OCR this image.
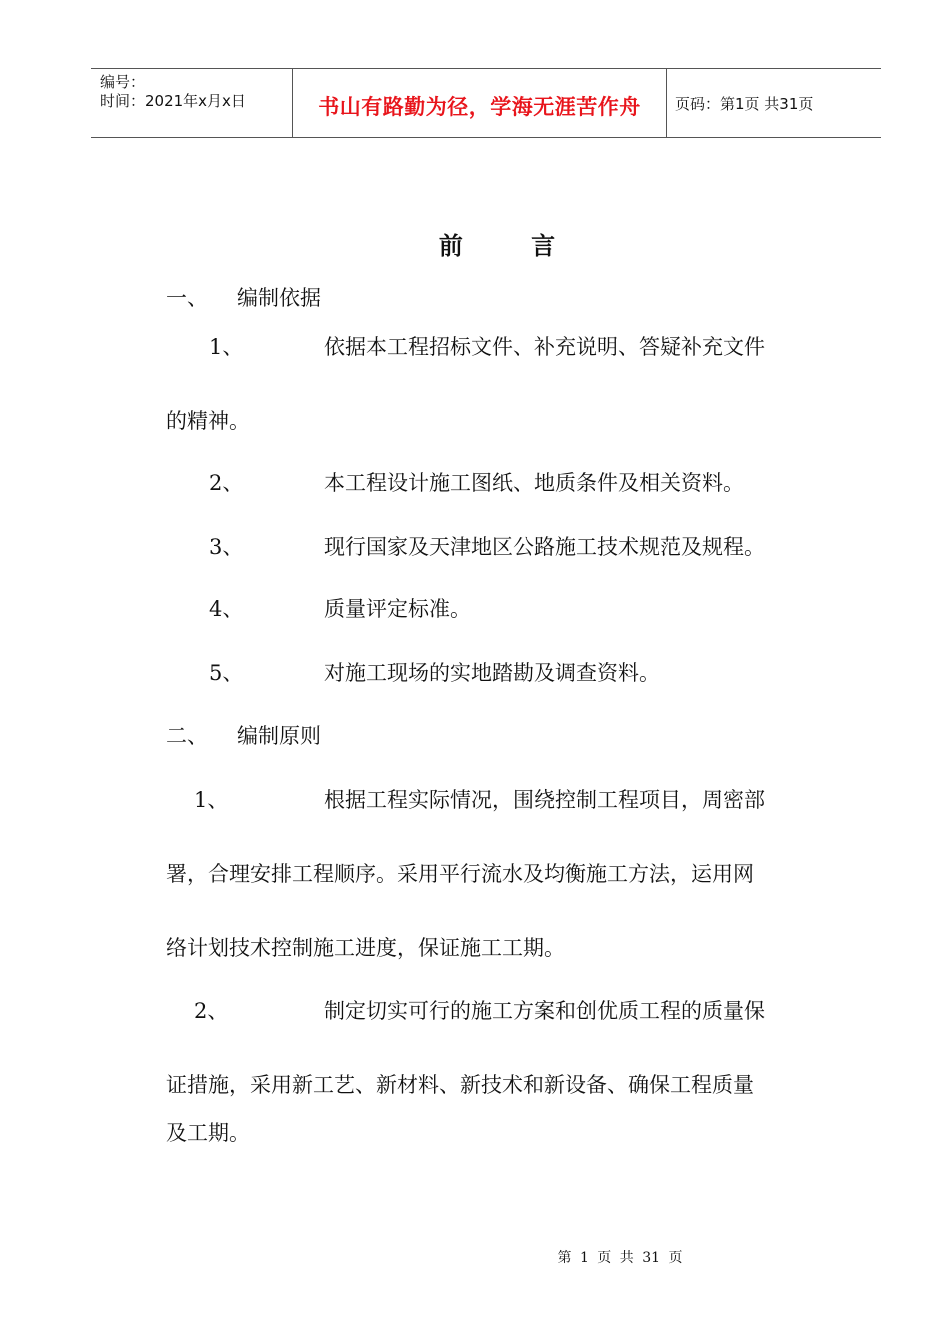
编号：
时间：2021年x月x日	书山有路勤为径，学海无涯苦作舟	页码：第1页 共31页
前 言
一、 编制依据
1、	依据本工程招标文件、补充说明、答疑补充文件
的精神。
2、	本工程设计施工图纸、地质条件及相关资料。
3、	现行国家及天津地区公路施工技术规范及规程。
4、	质量评定标准。
5、	对施工现场的实地踏勘及调查资料。
二、 编制原则
1、	根据工程实际情况，围绕控制工程项目，周密部
署，合理安排工程顺序。采用平行流水及均衡施工方法，运用网
络计划技术控制施工进度，保证施工工期。
2、	制定切实可行的施工方案和创优质工程的质量保
证措施，采用新工艺、新材料、新技术和新设备、确保工程质量
及工期。
第 1 页 共 31 页
